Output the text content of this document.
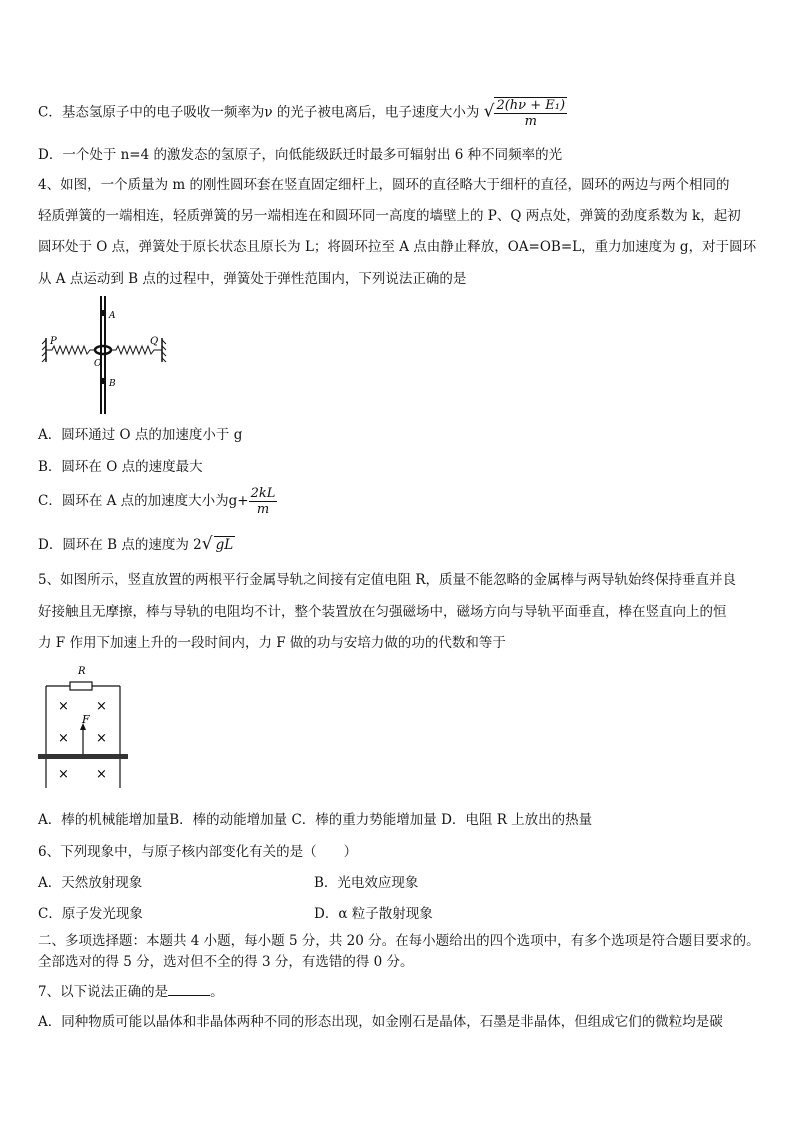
C．基态氢原子中的电子吸收一频率为ν 的光子被电离后，电子速度大小为 √ $\frac{\text{2(hν + E₁)}}{m}$
D．一个处于 n=4 的激发态的氢原子，向低能级跃迁时最多可辐射出 6 种不同频率的光
4、如图，一个质量为 m 的刚性圆环套在竖直固定细杆上，圆环的直径略大于细杆的直径，圆环的两边与两个相同的
轻质弹簧的一端相连，轻质弹簧的另一端相连在和圆环同一高度的墙壁上的 P、Q 两点处，弹簧的劲度系数为 k，起初
圆环处于 O 点，弹簧处于原长状态且原长为 L；将圆环拉至 A 点由静止释放，OA=OB=L，重力加速度为 g，对于圆环
从 A 点运动到 B 点的过程中，弹簧处于弹性范围内，下列说法正确的是
P	Q
A
O
B
A．圆环通过 O 点的加速度小于 g
B．圆环在 O 点的速度最大
C．圆环在 A 点的加速度大小为$g+ \frac{2kL}{m}$
D．圆环在 B 点的速度为 2√ gL
5、如图所示，竖直放置的两根平行金属导轨之间接有定值电阻 R，质量不能忽略的金属棒与两导轨始终保持垂直并良
好接触且无摩擦，棒与导轨的电阻均不计，整个装置放在匀强磁场中，磁场方向与导轨平面垂直，棒在竖直向上的恒
力 F 作用下加速上升的一段时间内，力 F 做的功与安培力做的功的代数和等于
R
F
× ×
× ×
× ×
A．棒的机械能增加量B．棒的动能增加量 C．棒的重力势能增加量 D．电阻 R 上放出的热量
6、下列现象中，与原子核内部变化有关的是（　　）
A．天然放射现象	B．光电效应现象
C．原子发光现象	D．α 粒子散射现象
二、多项选择题：本题共 4 小题，每小题 5 分，共 20 分。在每小题给出的四个选项中，有多个选项是符合题目要求的。
全部选对的得 5 分，选对但不全的得 3 分，有选错的得 0 分。
7、以下说法正确的是	。
A．同种物质可能以晶体和非晶体两种不同的形态出现，如金刚石是晶体，石墨是非晶体，但组成它们的微粒均是碳
